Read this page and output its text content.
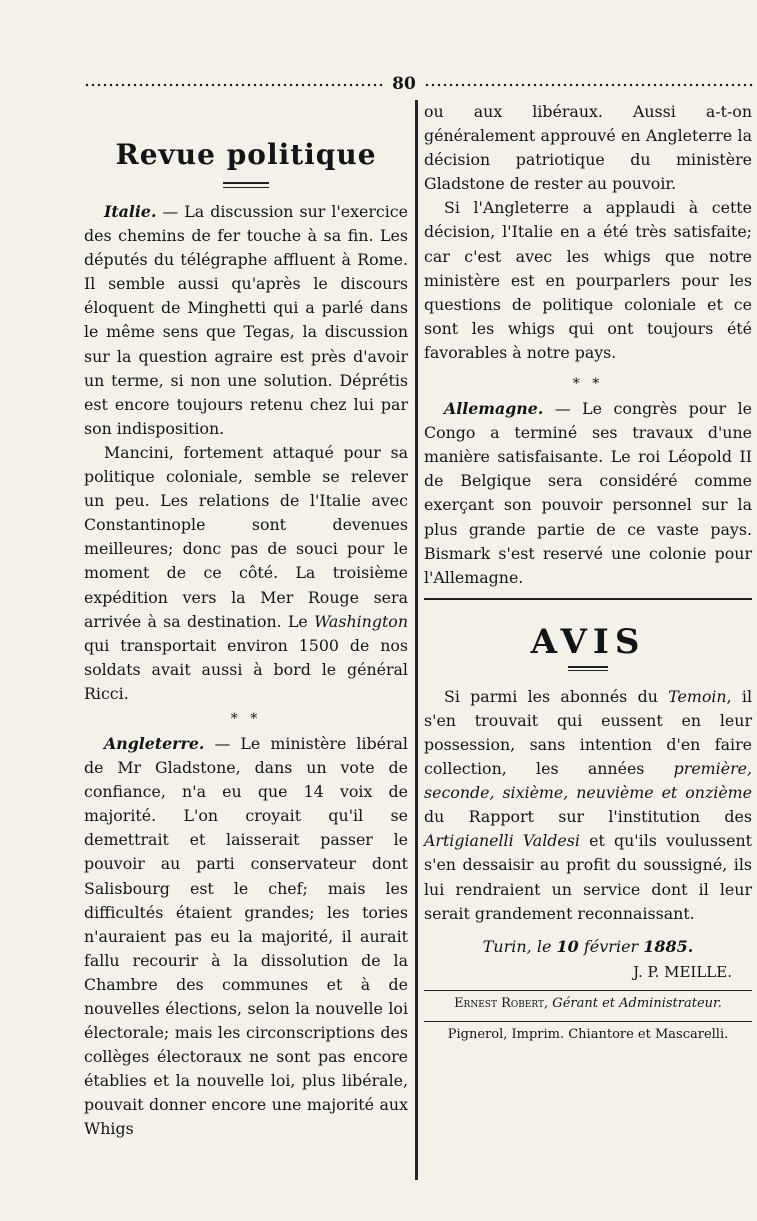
80
Revue politique

Italie. — La discussion sur l'exercice des chemins de fer touche à sa fin. Les députés du télégraphe affluent à Rome. Il semble aussi qu'après le discours éloquent de Minghetti qui a parlé dans le même sens que Tegas, la discussion sur la question agraire est près d'avoir un terme, si non une solution. Déprétis est encore toujours retenu chez lui par son indisposition.

Mancini, fortement attaqué pour sa politique coloniale, semble se relever un peu. Les relations de l'Italie avec Constantinople sont devenues meilleures; donc pas de souci pour le moment de ce côté. La troisième expédition vers la Mer Rouge sera arrivée à sa destination. Le Washington qui transportait environ 1500 de nos soldats avait aussi à bord le général Ricci.

* *

Angleterre. — Le ministère libéral de Mr Gladstone, dans un vote de confiance, n'a eu que 14 voix de majorité. L'on croyait qu'il se demettrait et laisserait passer le pouvoir au parti conservateur dont Salisbourg est le chef; mais les difficultés étaient grandes; les tories n'auraient pas eu la majorité, il aurait fallu recourir à la dissolution de la Chambre des communes et à de nouvelles élections, selon la nouvelle loi électorale; mais les circonscriptions des collèges électoraux ne sont pas encore établies et la nouvelle loi, plus libérale, pouvait donner encore une majorité aux Whigs

ou aux libéraux. Aussi a-t-on généralement approuvé en Angleterre la décision patriotique du ministère Gladstone de rester au pouvoir.

Si l'Angleterre a applaudi à cette décision, l'Italie en a été très satisfaite; car c'est avec les whigs que notre ministère est en pourparlers pour les questions de politique coloniale et ce sont les whigs qui ont toujours été favorables à notre pays.

* *

Allemagne. — Le congrès pour le Congo a terminé ses travaux d'une manière satisfaisante. Le roi Léopold II de Belgique sera considéré comme exerçant son pouvoir personnel sur la plus grande partie de ce vaste pays. Bismark s'est reservé une colonie pour l'Allemagne.

AVIS

Si parmi les abonnés du Temoin, il s'en trouvait qui eussent en leur possession, sans intention d'en faire collection, les années première, seconde, sixième, neuvième et onzième du Rapport sur l'institution des Artigianelli Valdesi et qu'ils voulussent s'en dessaisir au profit du soussigné, ils lui rendraient un service dont il leur serait grandement reconnaissant.

Turin, le 10 février 1885.
J. P. MEILLE.
Ernest Robert, Gérant et Administrateur.
Pignerol, Imprim. Chiantore et Mascarelli.
